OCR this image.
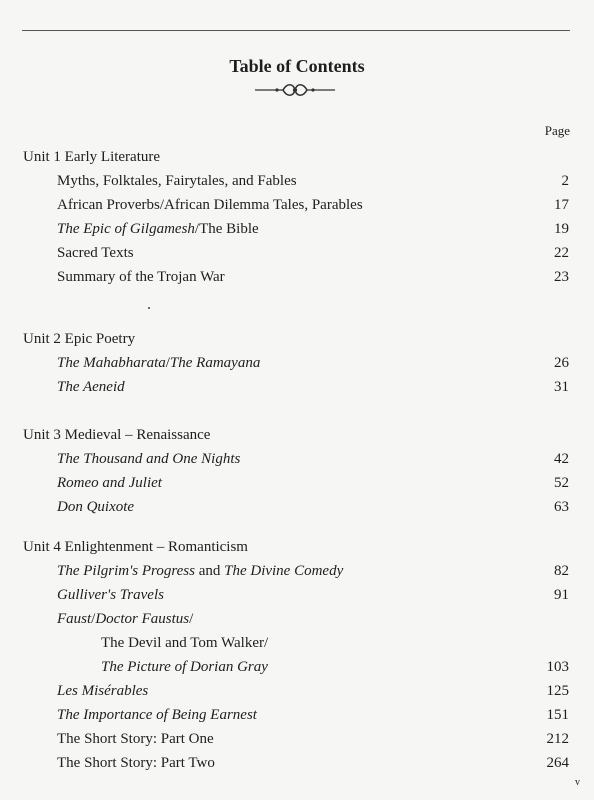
Table of Contents
Page
Unit 1 Early Literature
Myths, Folktales, Fairytales, and Fables	2
African Proverbs/African Dilemma Tales, Parables	17
The Epic of Gilgamesh/The Bible	19
Sacred Texts	22
Summary of the Trojan War	23
Unit 2 Epic Poetry
The Mahabharata/The Ramayana	26
The Aeneid	31
Unit 3 Medieval – Renaissance
The Thousand and One Nights	42
Romeo and Juliet	52
Don Quixote	63
Unit 4 Enlightenment – Romanticism
The Pilgrim's Progress and The Divine Comedy	82
Gulliver's Travels	91
Faust/Doctor Faustus/
The Devil and Tom Walker/
The Picture of Dorian Gray	103
Les Misérables	125
The Importance of Being Earnest	151
The Short Story: Part One	212
The Short Story: Part Two	264
v
